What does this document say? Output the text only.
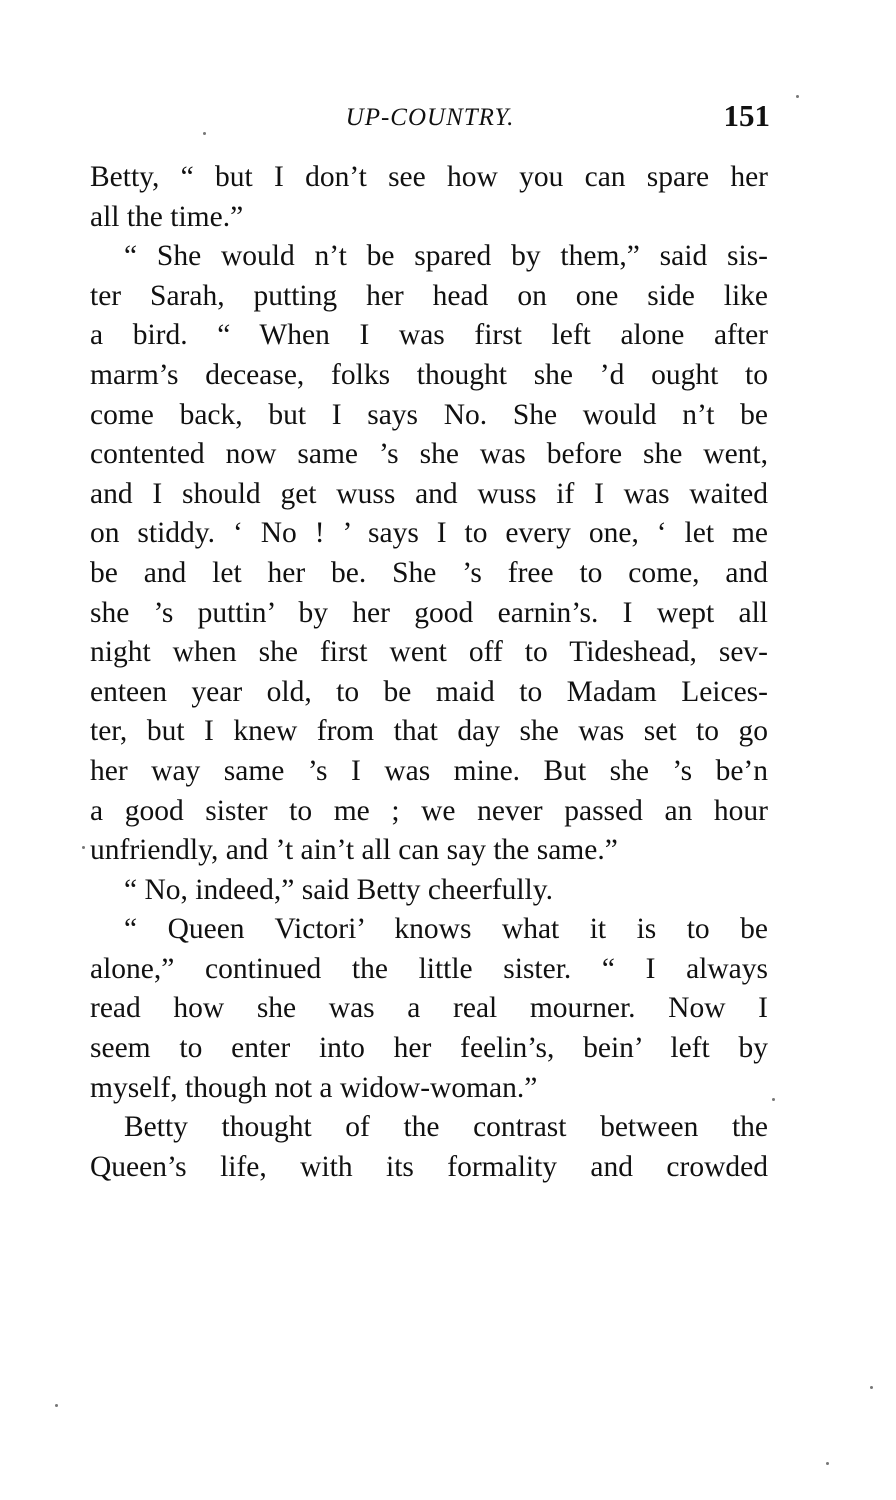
UP-COUNTRY.	151
Betty, “ but I don’t see how you can spare her
all the time.”
“ She would n’t be spared by them,” said sis-
ter Sarah, putting her head on one side like
a bird. “ When I was first left alone after
marm’s decease, folks thought she ’d ought to
come back, but I says No. She would n’t be
contented now same ’s she was before she went,
and I should get wuss and wuss if I was waited
on stiddy. ‘ No ! ’ says I to every one, ‘ let me
be and let her be. She ’s free to come, and
she ’s puttin’ by her good earnin’s. I wept all
night when she first went off to Tideshead, sev-
enteen year old, to be maid to Madam Leices-
ter, but I knew from that day she was set to go
her way same ’s I was mine. But she ’s be’n
a good sister to me ; we never passed an hour
unfriendly, and ’t ain’t all can say the same.”
“ No, indeed,” said Betty cheerfully.
“ Queen Victori’ knows what it is to be
alone,” continued the little sister. “ I always
read how she was a real mourner. Now I
seem to enter into her feelin’s, bein’ left by
myself, though not a widow-woman.”
Betty thought of the contrast between the
Queen’s life, with its formality and crowded
